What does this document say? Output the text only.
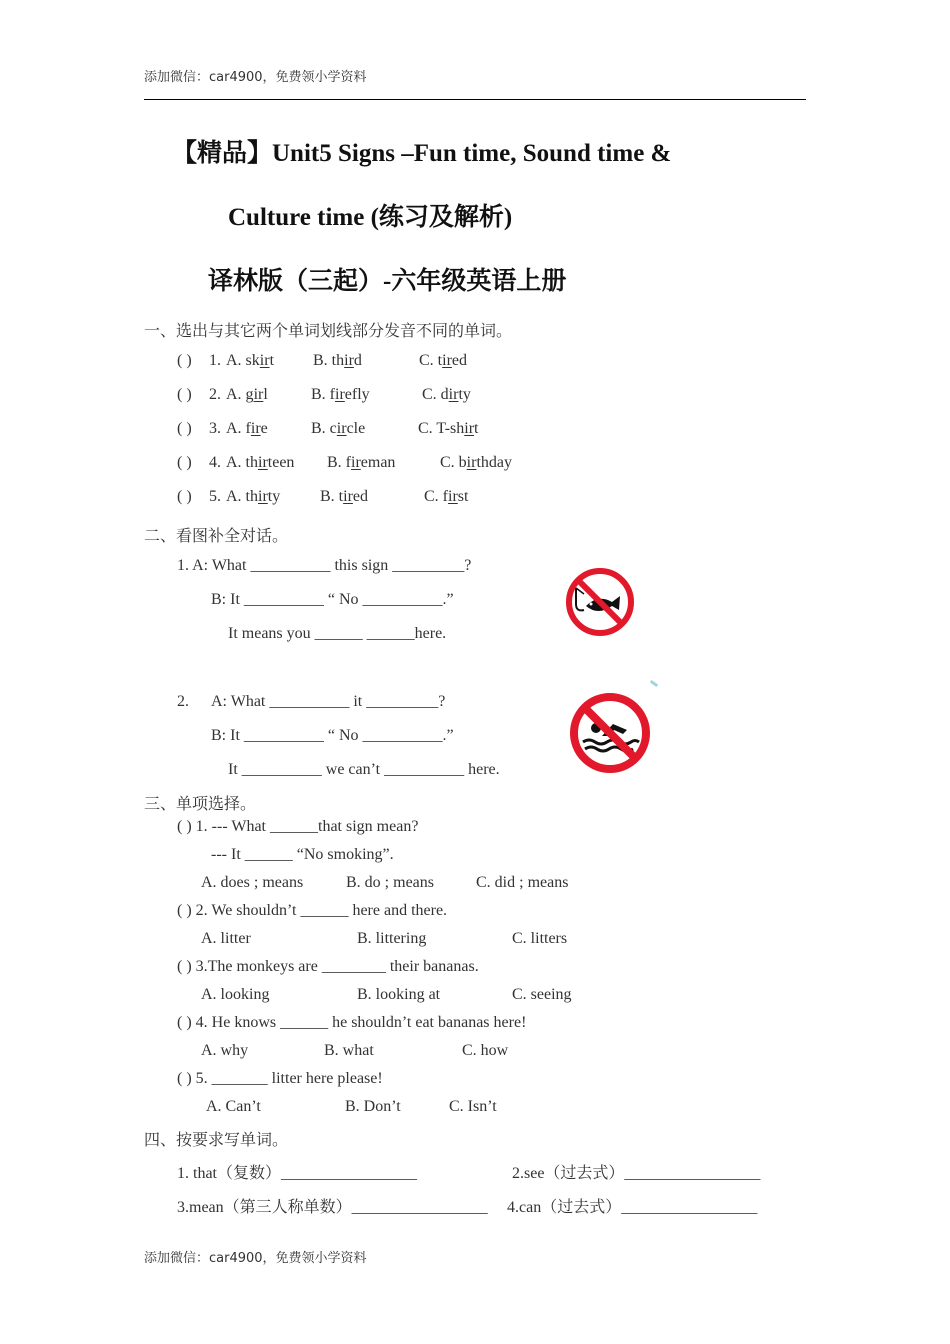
添加微信：car4900，免费领小学资料
【精品】Unit5 Signs –Fun time, Sound time &
Culture time (练习及解析)
译林版（三起）-六年级英语上册
一、选出与其它两个单词划线部分发音不同的单词。
( ) 1. A. skirt B. third	C. tired
( ) 2. A. girl	B. firefly	C. dirty
( ) 3. A. fire	B. circle	C. T-shirt
( ) 4. A. thirteen B. fireman	C. birthday
( ) 5. A. thirty B. tired	C. first
二、看图补全对话。
1. A: What __________ this sign _________?
B: It __________ “ No __________.”
It means you ______ ______here.
2. A: What __________ it _________?
B: It __________ “ No __________.”
It __________ we can’t __________ here.
三、单项选择。
( ) 1. --- What ______that sign mean?
--- It ______ “No smoking”.
A. does ; means	B. do ; means	C. did ; means
( ) 2. We shouldn’t ______ here and there.
A. litter	B. littering	C. litters
( ) 3.The monkeys are ________ their bananas.
A. looking	B. looking at	C. seeing
( ) 4. He knows ______ he shouldn’t eat bananas here!
A. why	B. what	C. how
( ) 5. _______ litter here please!
A. Can’t	B. Don’t	C. Isn’t
四、按要求写单词。
1. that（复数）_________________	2.see（过去式）_________________
3.mean（第三人称单数）_________________ 4.can（过去式）_________________
添加微信：car4900，免费领小学资料
